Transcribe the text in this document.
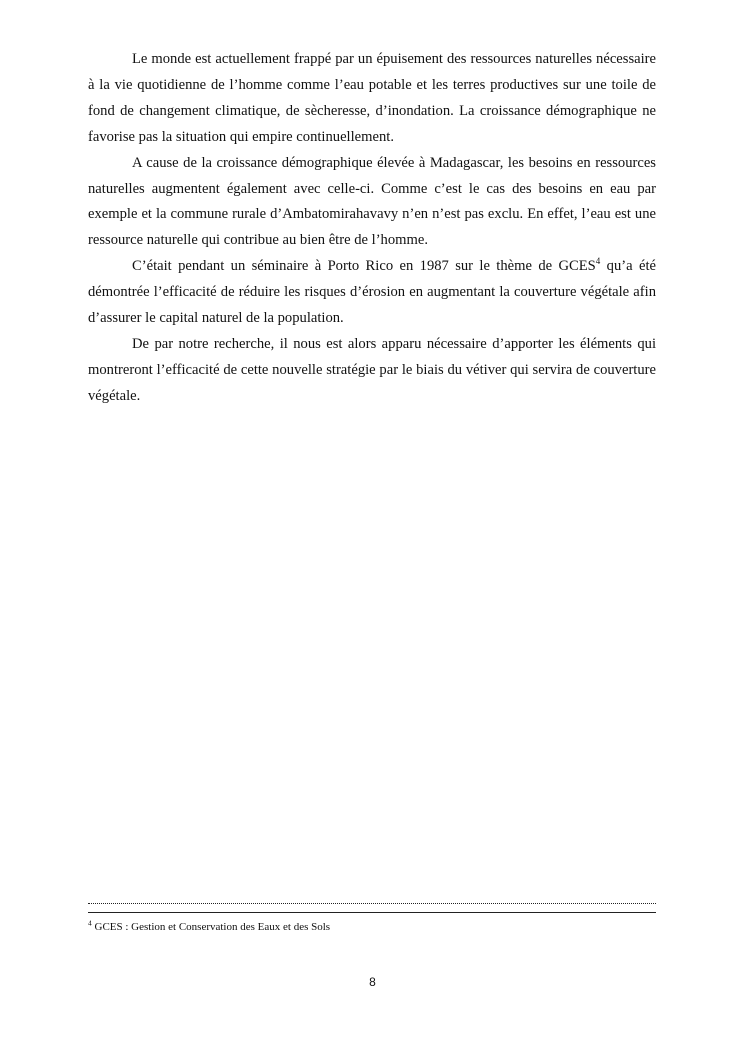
Le monde est actuellement frappé par un épuisement des ressources naturelles nécessaire à la vie quotidienne de l’homme comme l’eau potable et les terres productives sur une toile de fond de changement climatique, de sècheresse, d’inondation. La croissance démographique ne favorise pas la situation qui empire continuellement.

A cause de la croissance démographique élevée à Madagascar, les besoins en ressources naturelles augmentent également avec celle-ci. Comme c’est le cas des besoins en eau par exemple et la commune rurale d’Ambatomirahavavy n’en n’est pas exclu. En effet, l’eau est une ressource naturelle qui contribue au bien être de l’homme.

C’était pendant un séminaire à Porto Rico en 1987 sur le thème de GCES$^4$ qu’a été démontrée l’efficacité de réduire les risques d’érosion en augmentant la couverture végétale afin d’assurer le capital naturel de la population.

De par notre recherche, il nous est alors apparu nécessaire d’apporter les éléments qui montreront l’efficacité de cette nouvelle stratégie par le biais du vétiver qui servira de couverture végétale.

$^4$ GCES : Gestion et Conservation des Eaux et des Sols
8
